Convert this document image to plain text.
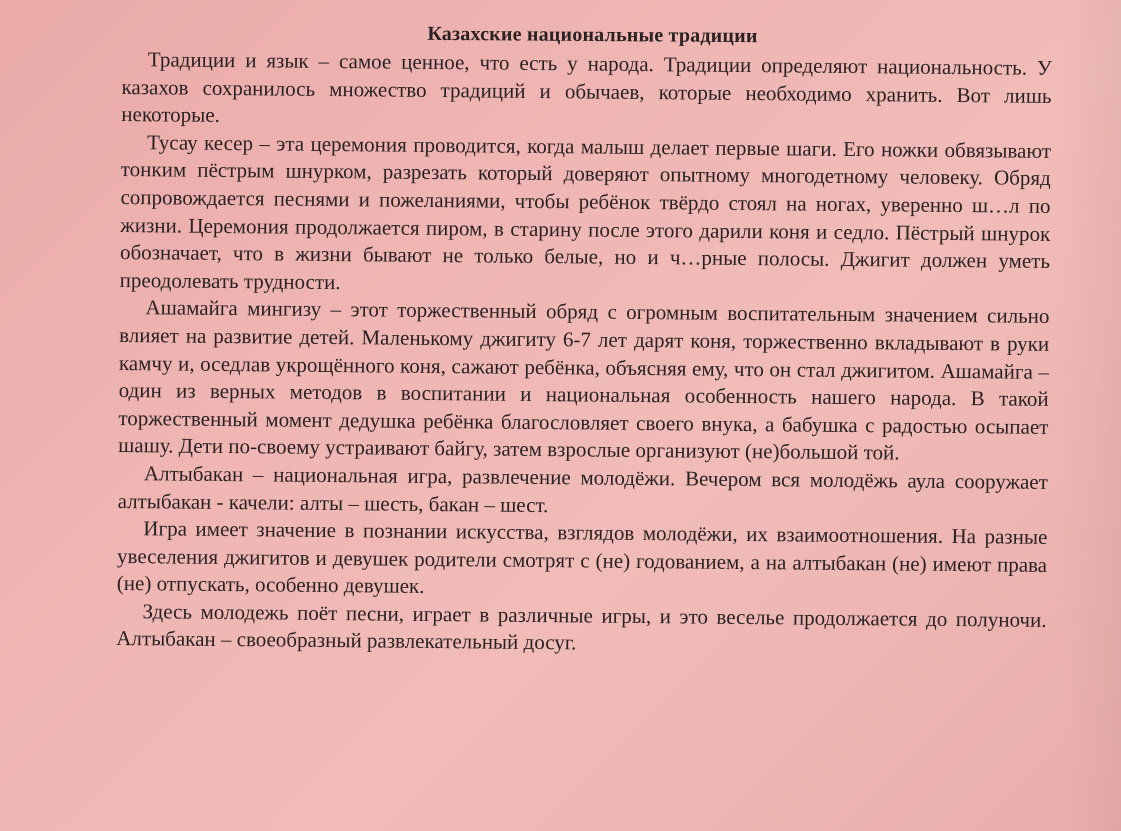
Казахские национальные традиции

Традиции и язык – самое ценное, что есть у народа. Традиции определяют национальность. У казахов сохранилось множество традиций и обычаев, которые необходимо хранить. Вот лишь некоторые.

Тусау кесер – эта церемония проводится, когда малыш делает первые шаги. Его ножки обвязывают тонким пёстрым шнурком, разрезать который доверяют опытному многодетному человеку. Обряд сопровождается песнями и пожеланиями, чтобы ребёнок твёрдо стоял на ногах, уверенно ш…л по жизни. Церемония продолжается пиром, в старину после этого дарили коня и седло. Пёстрый шнурок обозначает, что в жизни бывают не только белые, но и ч…рные полосы. Джигит должен уметь преодолевать трудности.

Ашамайга мингизу – этот торжественный обряд с огромным воспитательным значением сильно влияет на развитие детей. Маленькому джигиту 6-7 лет дарят коня, торжественно вкладывают в руки камчу и, оседлав укрощённого коня, сажают ребёнка, объясняя ему, что он стал джигитом. Ашамайга – один из верных методов в воспитании и национальная особенность нашего народа. В такой торжественный момент дедушка ребёнка благословляет своего внука, а бабушка с радостью осыпает шашу. Дети по-своему устраивают байгу, затем взрослые организуют (не)большой той.

Алтыбакан – национальная игра, развлечение молодёжи. Вечером вся молодёжь аула сооружает алтыбакан - качели: алты – шесть, бакан – шест.

Игра имеет значение в познании искусства, взглядов молодёжи, их взаимоотношения. На разные увеселения джигитов и девушек родители смотрят с (не) годованием, а на алтыбакан (не) имеют права (не) отпускать, особенно девушек.

Здесь молодежь поёт песни, играет в различные игры, и это веселье продолжается до полуночи. Алтыбакан – своеобразный развлекательный досуг.
